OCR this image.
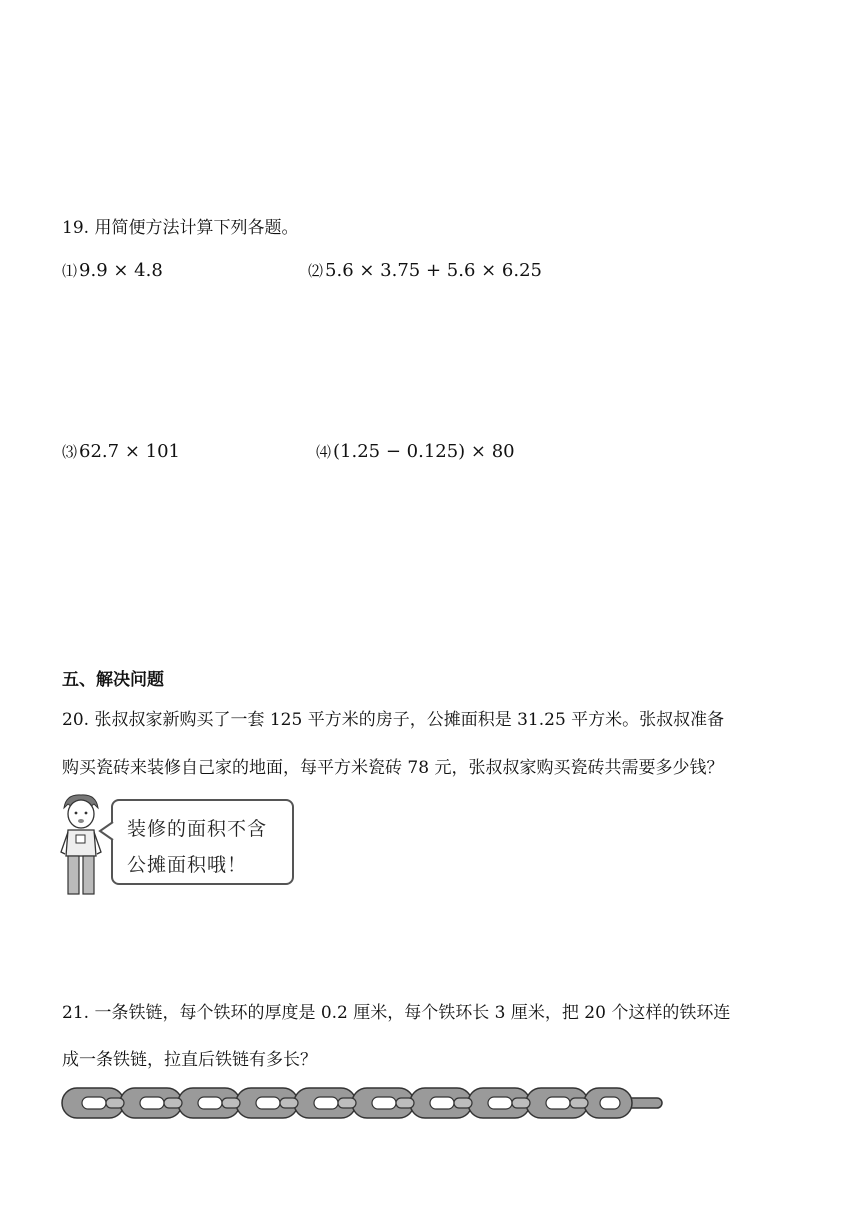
19. 用简便方法计算下列各题。
⑴ 9.9 × 4.8	⑵ 5.6 × 3.75 + 5.6 × 6.25
⑶ 62.7 × 101	⑷ (1.25 − 0.125) × 80
五、解决问题
20. 张叔叔家新购买了一套 125 平方米的房子，公摊面积是 31.25 平方米。张叔叔准备
购买瓷砖来装修自己家的地面，每平方米瓷砖 78 元，张叔叔家购买瓷砖共需要多少钱？
装修的面积不含
公摊面积哦！
21. 一条铁链，每个铁环的厚度是 0.2 厘米，每个铁环长 3 厘米，把 20 个这样的铁环连
成一条铁链，拉直后铁链有多长？
